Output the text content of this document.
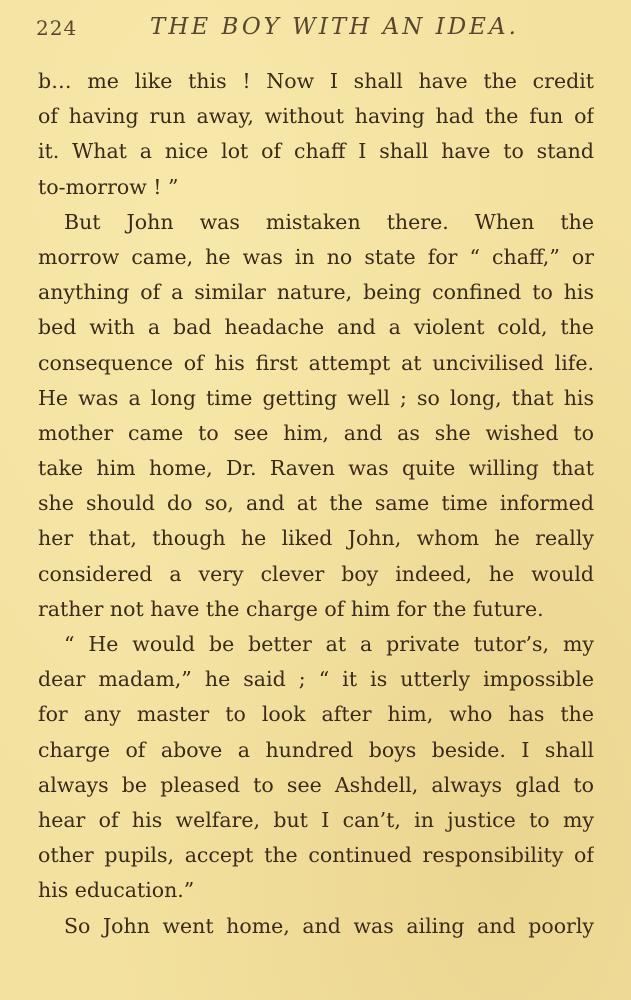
224	THE BOY WITH AN IDEA.
b… me like this ! Now I shall have the credit
of having run away, without having had the fun of
it. What a nice lot of chaff I shall have to stand
to-morrow ! ”
But John was mistaken there. When the
morrow came, he was in no state for “ chaff,” or
anything of a similar nature, being confined to his
bed with a bad headache and a violent cold, the
consequence of his first attempt at uncivilised life.
He was a long time getting well ; so long, that his
mother came to see him, and as she wished to
take him home, Dr. Raven was quite willing that
she should do so, and at the same time informed
her that, though he liked John, whom he really
considered a very clever boy indeed, he would
rather not have the charge of him for the future.
“ He would be better at a private tutor’s, my
dear madam,” he said ; “ it is utterly impossible
for any master to look after him, who has the
charge of above a hundred boys beside. I shall
always be pleased to see Ashdell, always glad to
hear of his welfare, but I can’t, in justice to my
other pupils, accept the continued responsibility of
his education.”
So John went home, and was ailing and poorly
